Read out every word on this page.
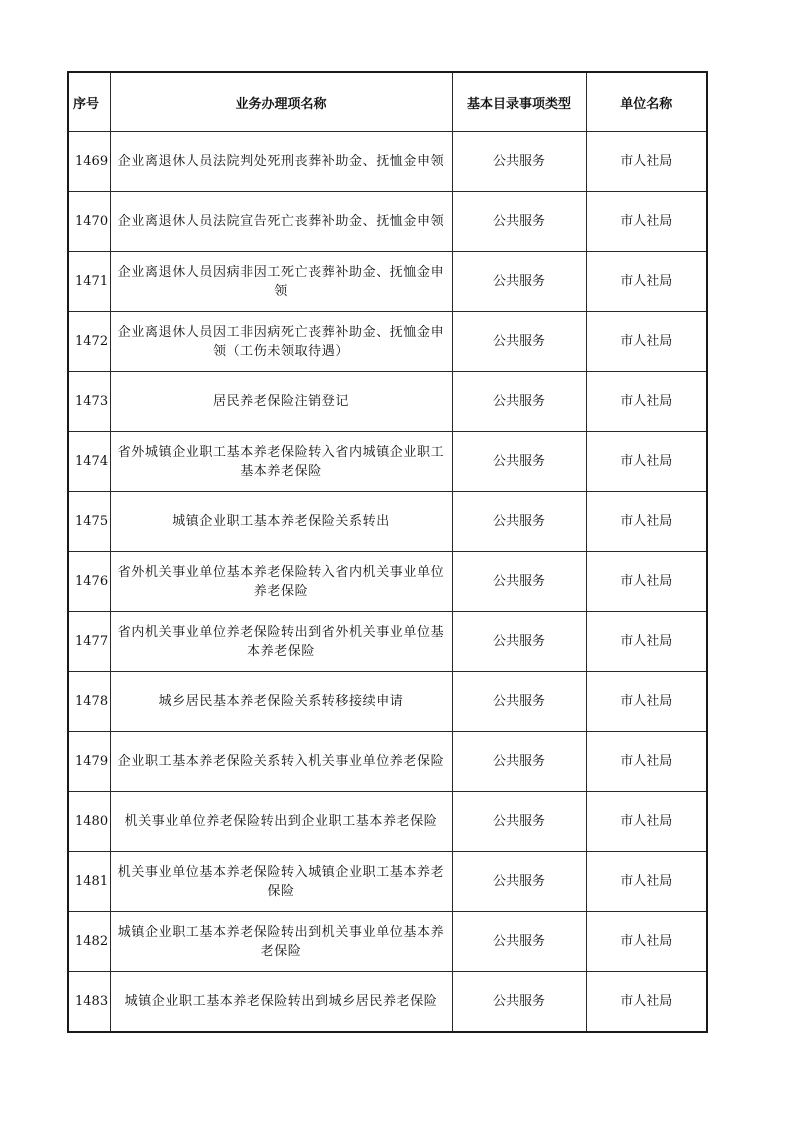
序号	业务办理项名称	基本目录事项类型	单位名称
1469	企业离退休人员法院判处死刑丧葬补助金、抚恤金申领	公共服务	市人社局
1470	企业离退休人员法院宣告死亡丧葬补助金、抚恤金申领	公共服务	市人社局
1471	企业离退休人员因病非因工死亡丧葬补助金、抚恤金申领	公共服务	市人社局
1472	企业离退休人员因工非因病死亡丧葬补助金、抚恤金申领（工伤未领取待遇）	公共服务	市人社局
1473	居民养老保险注销登记	公共服务	市人社局
1474	省外城镇企业职工基本养老保险转入省内城镇企业职工基本养老保险	公共服务	市人社局
1475	城镇企业职工基本养老保险关系转出	公共服务	市人社局
1476	省外机关事业单位基本养老保险转入省内机关事业单位养老保险	公共服务	市人社局
1477	省内机关事业单位养老保险转出到省外机关事业单位基本养老保险	公共服务	市人社局
1478	城乡居民基本养老保险关系转移接续申请	公共服务	市人社局
1479	企业职工基本养老保险关系转入机关事业单位养老保险	公共服务	市人社局
1480	机关事业单位养老保险转出到企业职工基本养老保险	公共服务	市人社局
1481	机关事业单位基本养老保险转入城镇企业职工基本养老保险	公共服务	市人社局
1482	城镇企业职工基本养老保险转出到机关事业单位基本养老保险	公共服务	市人社局
1483	城镇企业职工基本养老保险转出到城乡居民养老保险	公共服务	市人社局
